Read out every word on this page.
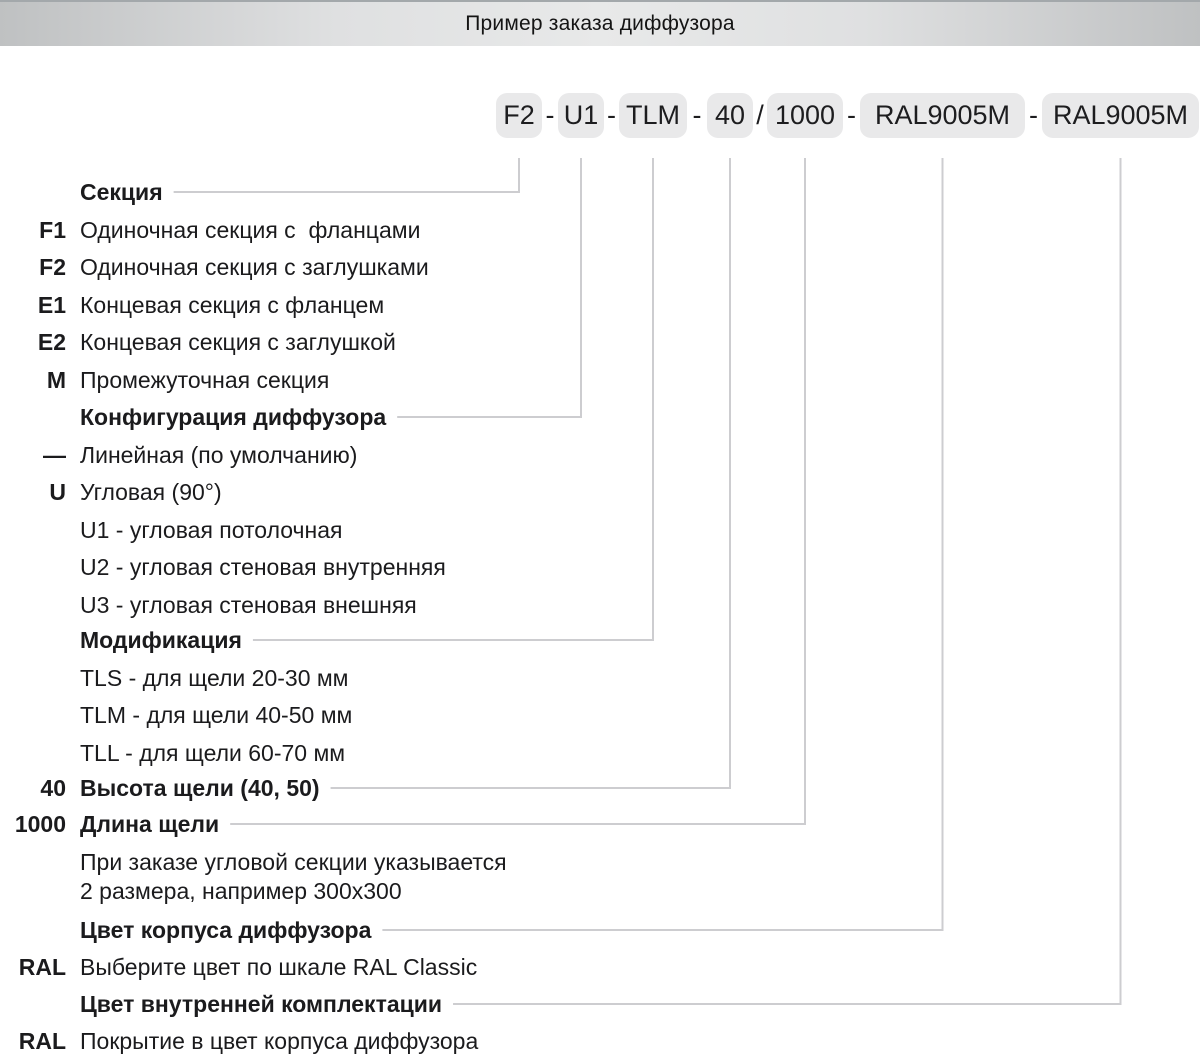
Пример заказа диффузора
F2 U1 TLM 40 1000	RAL9005M	RAL9005M
- -	- /	-	-
Секция
F1 Одиночная секция с  фланцами
F2 Одиночная секция с заглушками
E1 Концевая секция с фланцем
E2 Концевая секция с заглушкой
M Промежуточная секция
Конфигурация диффузора
— Линейная (по умолчанию)
U Угловая (90°)
U1 - угловая потолочная
U2 - угловая стеновая внутренняя
U3 - угловая стеновая внешняя
Модификация
TLS - для щели 20-30 мм
TLM - для щели 40-50 мм
TLL - для щели 60-70 мм
40 Высота щели (40, 50)
1000 Длина щели
При заказе угловой секции указывается
2 размера, например 300x300
Цвет корпуса диффузора
RAL Выберите цвет по шкале RAL Classic
Цвет внутренней комплектации
RAL Покрытие в цвет корпуса диффузора
